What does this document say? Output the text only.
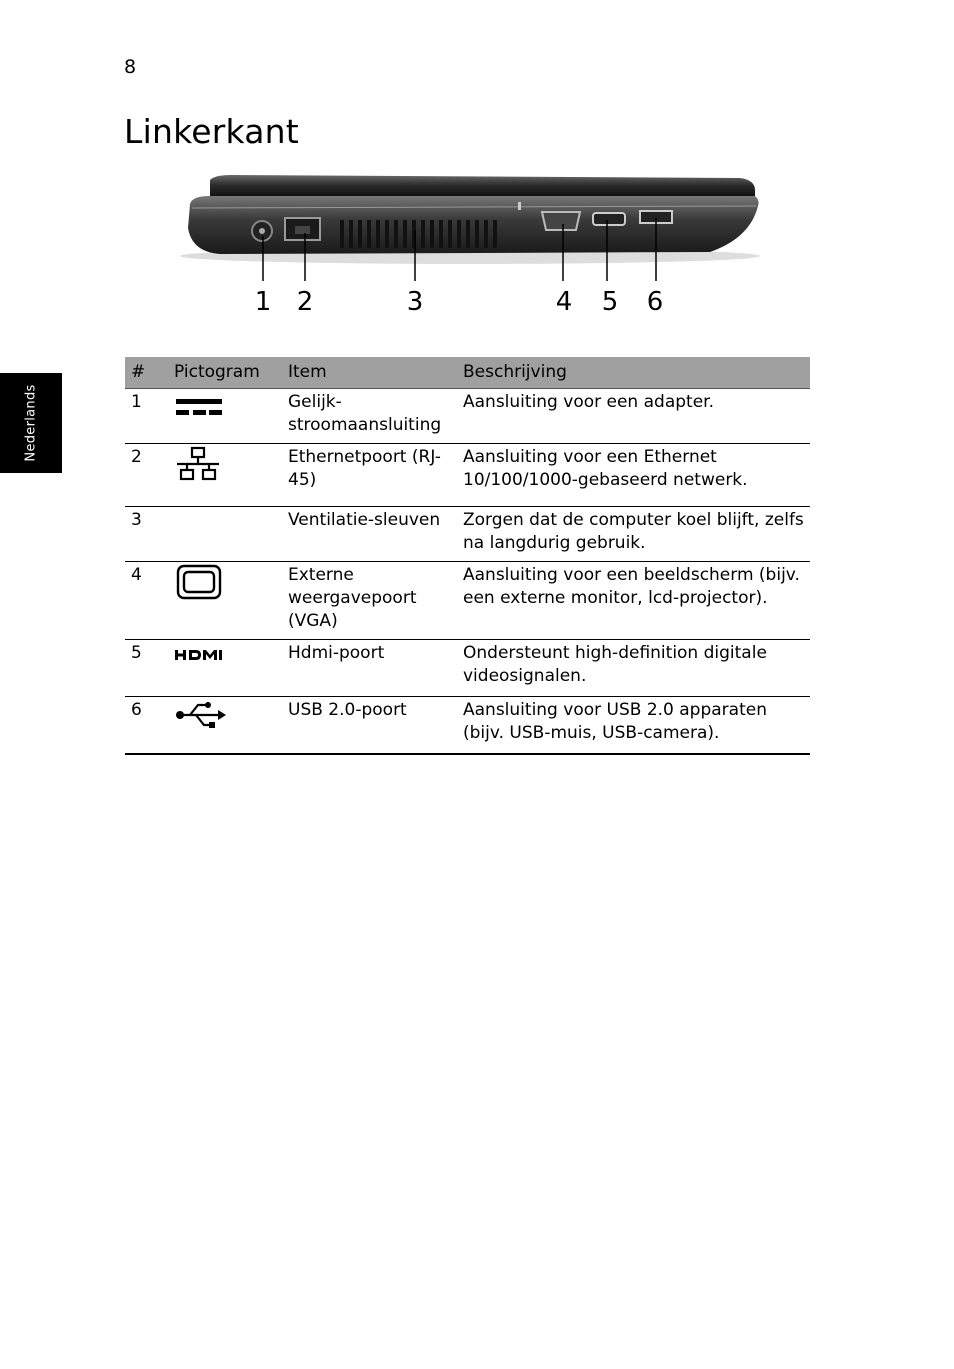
8
Linkerkant
Nederlands
1 2	3	4 5 6
#	Pictogram	Item	Beschrijving
1		Gelijk-stroomaansluiting	Aansluiting voor een adapter.
2		Ethernetpoort (RJ-45)	Aansluiting voor een Ethernet 10/100/1000-gebaseerd netwerk.
3		Ventilatie-sleuven	Zorgen dat de computer koel blijft, zelfs na langdurig gebruik.
4		Externe weergavepoort (VGA)	Aansluiting voor een beeldscherm (bijv. een externe monitor, lcd-projector).
5		Hdmi-poort	Ondersteunt high-definition digitale videosignalen.
6		USB 2.0-poort	Aansluiting voor USB 2.0 apparaten (bijv. USB-muis, USB-camera).
